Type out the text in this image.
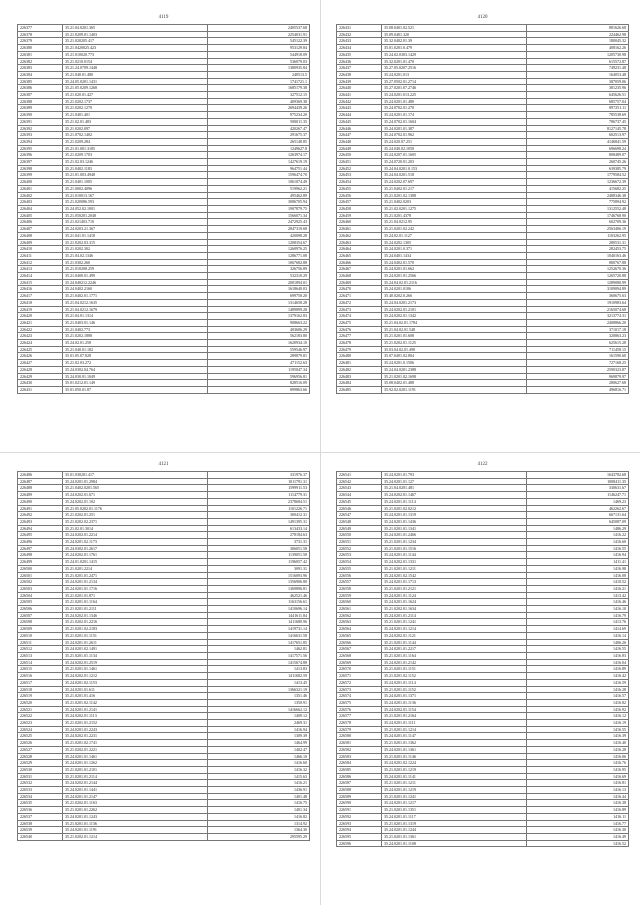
4119
226377	35.21.04.0201.365	2405537.68
226378	35.21.0209.01.1403	2254031.91
226379	35.21.020205.417	545122.39
226380	35.21.0420025.423	953129.84
226381	35.21.010020.773	544918.09
226382	35.21.0210.0154	536079.03
226383	35.21.24.0709.1448	1380935.84
226384	35.21.040.01.480	240513.5
226385	35.24.05.0201.1431	1741721.1
226386	35.21.05.0209.1268	1685179.38
226387	35.21.020.01.427	327512.15
226388	35.21.0202.1737	409369.38
226389	35.21.0202.1270	2694439.26
226390	35.21.0401.401	975234.20
226391	35.21.02.01.483	500011.35
226392	35.21.0202.097	420267.47
226393	35.21.0702.1402	291675.37
226394	35.21.0209.284	265148.85
226395	35.21.01.001.3185	1249627.8
226396	35.21.0209.1703	1263974.17
226397	35.21.02.03.1246	1427619.19
226398	35.21.0402.1183	964751.44
226399	35.21.01.003.4948	1596474.70
226400	35.21.0401.1005	1061074.49
226401	35.21.0002.4096	519962.21
226402	35.21.010013.167	495462.89
226403	35.21.020086.593	3086705.94
226404	35.24.052.02.1001	1907879.75
226405	35.21.050201.2048	1566071.34
226406	35.21.021403.710	2472925.43
226407	35.24.0203.21.367	2847319.68
226408	35.21.041.01.1418	420098.28
226409	35.21.0202.03.315	1208354.67
226410	35.21.0202.302	1260976.25
226411	35.21.04.02.1346	1286771.08
226412	35.21.0302.260	1067682.88
226413	35.21.010208.259	326756.89
226414	35.21.0400.01.499	532310.29
226415	35.24.040212.2246	2001894.01
226416	35.24.0402.2160	1618640.03
226417	35.21.0402.01.1771	699750.20
226418	35.21.04.0212.1635	1314658.28
226419	35.21.04.0212.1679	1489899.28
226420	35.21.04.01.1314	1379162.83
226421	35.21.0403.01.146	908663.22
226422	35.21.0402.773	403606.29
226423	35.21.0202.1888	562183.80
226424	35.24.02.01.258	1620934.10
226425	35.21.040.01.182	559546.97
226426	35.01.05.07.828	289879.81
226427	35.21.02.03.272	471152.63
226428	35.24.0302.04.764	1195047.34
226429	35.24.030.01.1049	596956.81
226430	35.01.0212.01.149	828516.09
226431	35.01.050.01.87	899863.66
4120
226431	35.08.0401.02.521	881626.68
226432	35.09.0401.320	224462.98
226433	35.32.0402.01.39	180045.32
226434	35.01.0201.0.479	408162.26
226435	35.24.02.0303.1429	1205730.98
226436	35.32.0201.01.470	615572.87
226437	35.27.05.0207.2516	749231.48
226438	35.24.0201.013	164053.48
226439	35.27.0502.01.2714	387059.06
226440	35.27.0201.07.2746	381235.96
226441	35.24.0201.013.225	645626.51
226442	35.24.0201.01.480	685757.04
226443	35.24.0702.01.270	897251.11
226444	35.24.0201.01.174	785538.69
226445	35.24.0702.01.1604	786737.45
226446	35.24.0201.01.387	8127145.78
226447	35.24.0702.01.962	602513.97
226448	35.24.020.07.251	4146841.59
226449	35.24.040.02.1050	696698.24
226450	35.24.0207.01.1605	808489.07
226451	35.24.0720.01.203	260745.26
226452	35.24.04.0201.0.153	639385.79
226453	35.24.04.0201.518	1779584.52
226454	35.24.0202.07.697	1236672.39
226455	35.21.0402.01.217	415682.25
226456	35.21.0201.02.1388	2488346.38
226457	35.21.0402.0203	775894.92
226458	35.21.02.0201.1275	1312552.48
226459	35.21.0201.4378	1746768.90
226460	35.21.04.0212.95	602709.36
226461	35.21.0201.02.242	2563406.19
226462	35.24.02.01.1127	1103262.95
226463	35.24.0202.1305	280531.31
226464	35.24.0201.0.371	282453.75
226465	35.24.0401.1434	1040163.46
226466	35.24.0402.01.570	880767.88
226467	35.24.0201.01.662	1252670.36
226468	35.24.0201.01.2566	1265720.88
226469	35.24.04.02.01.2116	1289080.99
226470	35.24.0201.0106	3109094.89
226471	35.40.0202.0.266	360675.63
226472	35.24.04.0201.2173	1910983.64
226473	35.24.0202.01.2101	2165074.68
226474	35.24.0202.01.1342	3213774.31
226475	35.21.04.02.01.1784	2408866.20
226476	35.21.04.02.01.548	371017.18
226477	35.21.0201.01.608	320863.23
226478	35.21.0202.01.1125	625615.28
226479	35.03.04.02.01.498	711458.15
226480	35.07.0401.02.804	161590.60
226481	35.24.0201.0.1506	727168.25
226482	35.24.04.0201.2388	2590323.87
226483	35.21.0201.02.1698	969879.97
226484	35.08.0402.01.488	280627.68
226485	35.92.02.0201.1191	496816.71
4121
226486	35.01.030201.417	331976.37
226487	35.24.0201.01.2984	1011791.31
226488	35.21.0402.0201.565	1599911.53
226489	35.24.0202.01.671	1114779.31
226490	35.24.0202.01.102	2378684.51
226491	35.21.05.0202.01.1176	1101226.71
226492	35.21.0202.01.251	300412.31
226493	35.21.0202.02.2371	1491395.31
226494	35.21.02.01.3014	613433.14
226495	35.24.0202.01.2214	278184.63
226496	35.24.0201.02.1173	3731.31
226497	35.24.0302.01.2617	306051.58
226498	35.24.0202.01.1761	1139051.58
226499	35.24.01.0201.1415	1196057.42
226500	35.21.0201.2214	3091.31
226501	35.21.0201.01.2471	1516093.96
226502	35.24.0201.01.2134	1356906.80
226503	35.24.0201.01.1716	1369896.81
226504	35.21.0201.01.871	462521.46
226505	35.21.0201.01.1164	1163156.61
226506	35.21.0201.01.2111	1410696.14
226507	35.24.0202.01.1346	1441611.84
226508	35.21.0202.01.2216	1411680.96
226509	35.21.0201.02.2183	1419731.14
226510	35.21.0201.01.1151	1416631.58
226511	35.24.0201.01.2611	1417651.85
226512	35.24.0201.02.1491	1462.81
226513	35.21.0201.01.1134	1417571.56
226514	35.24.0202.01.2519	1415674.88
226515	35.21.0201.01.1461	1413.83
226516	35.24.0202.01.1212	1411682.59
226517	35.24.0201.02.1153	1413.45
226518	35.24.0201.01.611	1366321.19
226519	35.21.0201.01.416	1351.46
226520	35.21.0201.02.1142	1350.91
226521	35.24.0201.01.2141	1416662.12
226522	35.24.0202.01.1113	1409.12
226523	35.21.0201.01.2152	2469.31
226524	35.24.0201.01.2243	1416.94
226525	35.24.0202.01.2231	1309.39
226526	35.21.0201.02.1741	1464.99
226527	35.21.0202.01.2221	1402.47
226528	35.24.0201.01.1461	1466.10
226529	35.24.0201.01.1262	1416.60
226530	35.21.0201.01.2101	1416.32
226531	35.21.0201.01.2114	1415.63
226532	35.24.0202.01.2144	1416.21
226533	35.24.0201.01.1441	1436.91
226534	35.24.0201.01.2147	1401.48
226535	35.21.0202.01.1163	1416.75
226536	35.21.0201.01.2262	1401.34
226537	35.24.0201.01.1243	1416.82
226538	35.21.0201.01.1136	1314.92
226539	35.24.0201.01.1191	1364.30
226540	35.21.0202.01.1214	295595.29
4122
226541	35.24.0201.01.793	1643782.68
226542	35.24.0201.01.127	1008411.35
226543	35.21.04.0201.481	330631.67
226544	35.24.0202.01.1467	1146247.71
226545	35.24.0201.01.1114	1469.23
226546	35.21.0201.02.0212	462262.67
226547	35.24.0201.01.1319	667131.64
226548	35.24.0201.01.1436	645087.09
226549	35.21.0201.01.1341	1486.29
226550	35.24.0201.01.2466	1416.22
226551	35.21.0201.01.1234	1416.60
226552	35.21.0201.01.1516	1416.55
226553	35.24.0201.01.1144	1416.94
226554	35.24.0202.01.1331	1411.41
226555	35.21.0201.01.1211	1416.98
226556	35.24.0201.02.1542	1416.08
226557	35.24.0201.01.1713	1410.52
226558	35.21.0201.01.2121	1416.21
226559	35.24.0201.01.1124	1413.42
226560	35.24.0201.01.1624	1416.46
226561	35.21.0202.01.1634	1416.10
226562	35.24.0201.01.2114	1416.79
226563	35.21.0201.01.1241	1413.76
226564	35.24.0201.01.1214	1414.69
226565	35.24.0202.01.1121	1416.14
226566	35.21.0201.01.1144	1406.26
226567	35.24.0201.01.2217	1416.55
226568	35.21.0201.01.1164	1416.83
226569	35.24.0201.01.2142	1416.04
226570	35.21.0201.01.1151	1416.89
226571	35.21.0201.02.1152	1416.42
226572	35.24.0201.01.1114	1416.59
226573	35.21.0201.01.1152	1416.28
226574	35.24.0201.01.1371	1416.57
226575	35.24.0201.01.1136	1416.82
226576	35.24.0202.01.1154	1416.92
226577	35.21.0201.01.2164	1416.12
226578	35.24.0201.01.1111	1416.19
226579	35.21.0201.01.1214	1416.55
226580	35.24.0201.01.1147	1416.39
226581	35.21.0201.01.1362	1416.40
226582	35.24.0201.01.1361	1416.28
226583	35.21.0201.01.1146	1416.06
226584	35.24.0201.02.1224	1416.76
226585	35.21.0201.01.1219	1416.95
226586	35.24.0201.01.1141	1416.69
226587	35.21.0201.01.1211	1416.81
226588	35.24.0201.01.1219	1416.13
226589	35.21.0201.01.1241	1416.44
226590	35.24.0201.01.1217	1416.38
226591	35.21.0201.01.1351	1416.89
226592	35.24.0201.01.1117	1416.11
226593	35.21.0201.01.1319	1416.77
226594	35.24.0201.01.1244	1416.30
226595	35.21.0201.01.1361	1416.49
226596	35.24.0201.01.1108	1416.52
